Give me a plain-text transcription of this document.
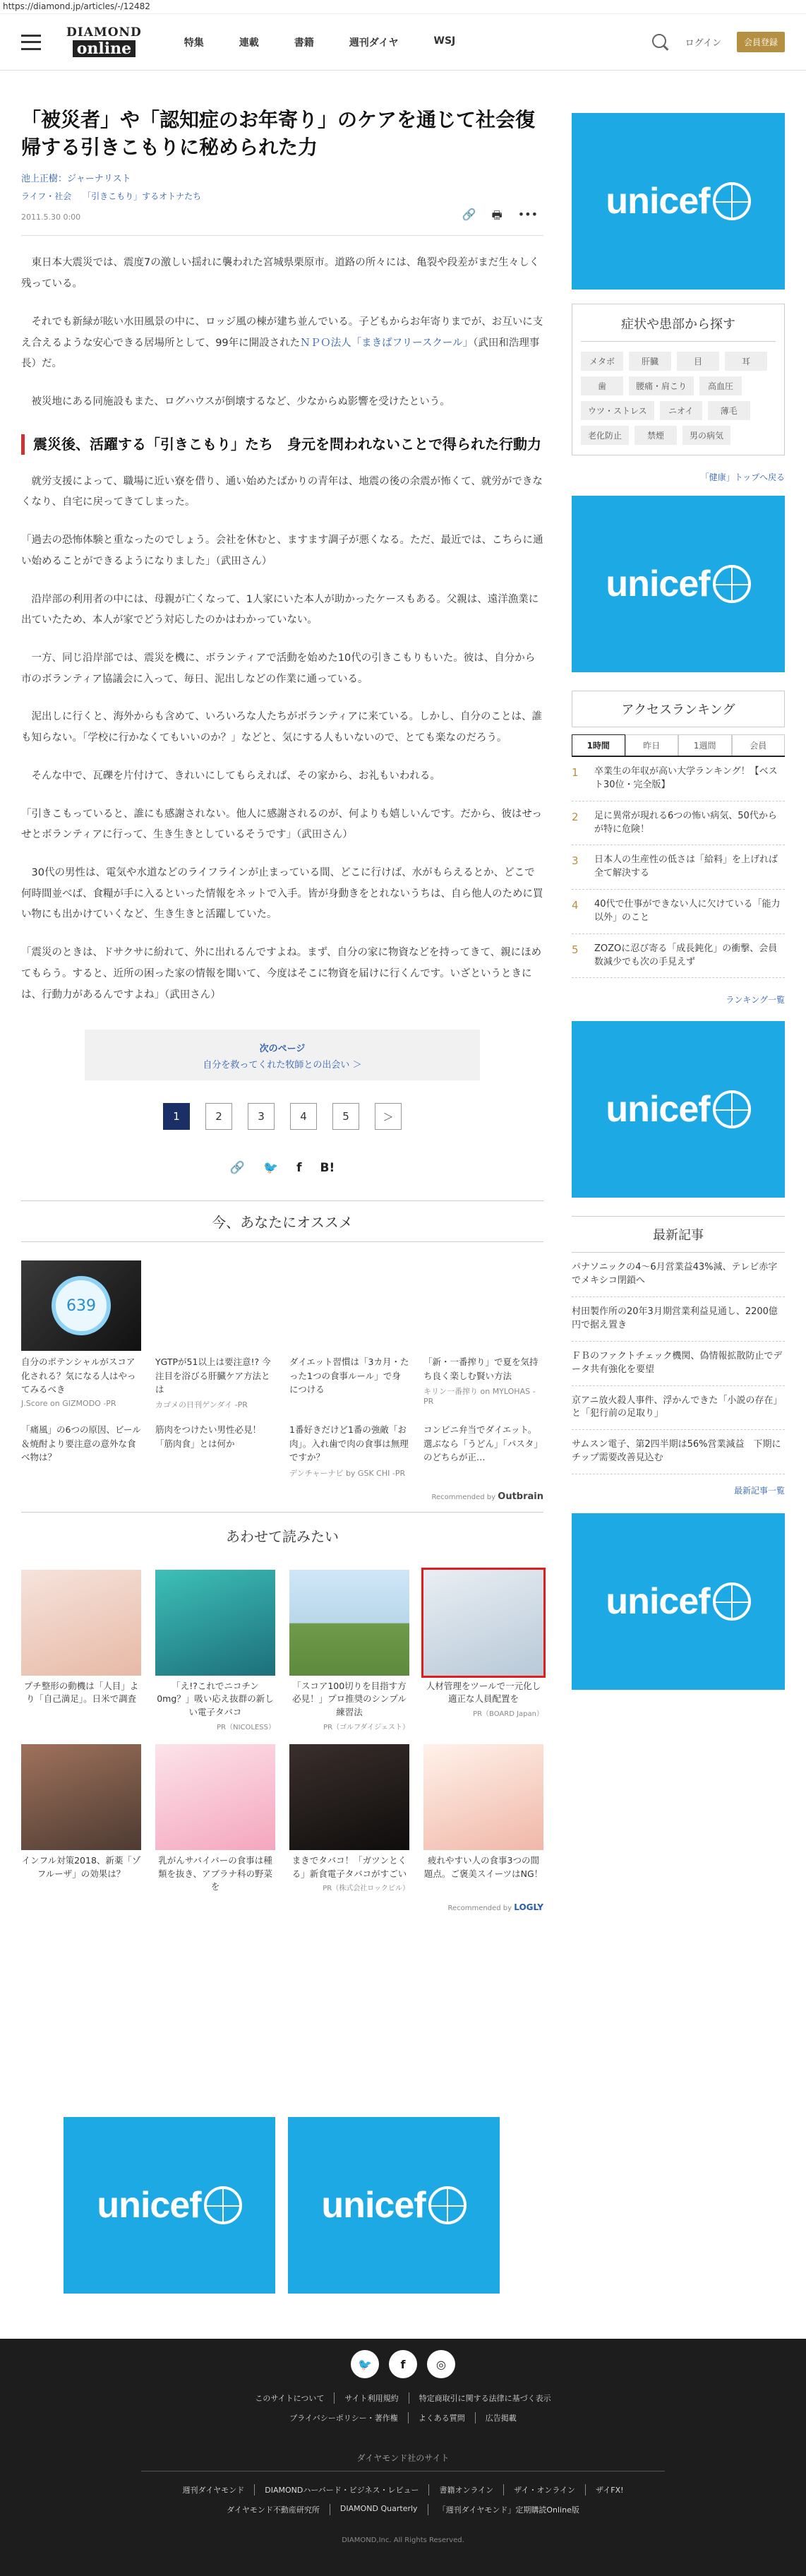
https://diamond.jp/articles/-/12482
DIAMOND
online	特集	連載	書籍	週刊ダイヤ	WSJ	ログイン	会員登録
「被災者」や「認知症のお年寄り」のケアを通じて社会復帰する引きこもりに秘められた力
池上正樹：ジャーナリスト
ライフ・社会 「引きこもり」するオトナたち
2011.5.30 0:00	🔗 🖶 •••

東日本大震災では、震度7の激しい揺れに襲われた宮城県栗原市。道路の所々には、亀裂や段差がまだ生々しく残っている。

それでも新緑が眩い水田風景の中に、ロッジ風の棟が建ち並んでいる。子どもからお年寄りまでが、お互いに支え合えるような安心できる居場所として、99年に開設されたＮＰＯ法人「まきばフリースクール」（武田和浩理事長）だ。

被災地にある同施設もまた、ログハウスが倒壊するなど、少なからぬ影響を受けたという。

震災後、活躍する「引きこもり」たち　身元を問われないことで得られた行動力

就労支援によって、職場に近い寮を借り、通い始めたばかりの青年は、地震の後の余震が怖くて、就労ができなくなり、自宅に戻ってきてしまった。

「過去の恐怖体験と重なったのでしょう。会社を休むと、ますます調子が悪くなる。ただ、最近では、こちらに通い始めることができるようになりました」（武田さん）

沿岸部の利用者の中には、母親が亡くなって、1人家にいた本人が助かったケースもある。父親は、遠洋漁業に出ていたため、本人が家でどう対応したのかはわかっていない。

一方、同じ沿岸部では、震災を機に、ボランティアで活動を始めた10代の引きこもりもいた。彼は、自分から市のボランティア協議会に入って、毎日、泥出しなどの作業に通っている。

泥出しに行くと、海外からも含めて、いろいろな人たちがボランティアに来ている。しかし、自分のことは、誰も知らない。「学校に行かなくてもいいのか？」などと、気にする人もいないので、とても楽なのだろう。

そんな中で、瓦礫を片付けて、きれいにしてもらえれば、その家から、お礼もいわれる。

「引きこもっていると、誰にも感謝されない。他人に感謝されるのが、何よりも嬉しいんです。だから、彼はせっせとボランティアに行って、生き生きとしているそうです」（武田さん）

30代の男性は、電気や水道などのライフラインが止まっている間、どこに行けば、水がもらえるとか、どこで何時間並べば、食糧が手に入るといった情報をネットで入手。皆が身動きをとれないうちは、自ら他人のために買い物にも出かけていくなど、生き生きと活躍していた。

「震災のときは、ドサクサに紛れて、外に出れるんですよね。まず、自分の家に物資などを持ってきて、親にほめてもらう。すると、近所の困った家の情報を聞いて、今度はそこに物資を届けに行くんです。いざというときには、行動力があるんですよね」（武田さん）

次のページ
自分を救ってくれた牧師との出会い ＞
1	2	3	4	5	＞
🔗 🐦 f B!
今、あなたにオススメ
639
自分のポテンシャルがスコア化される？気になる人はやってみるべき
J.Score on GIZMODO -PR
YGTPが51以上は要注意!? 今注目を浴びる肝臓ケア方法とは
カゴメの日刊ゲンダイ -PR
ダイエット習慣は「3カ月・たった1つの食事ルール」で身につける
「新・一番搾り」で夏を気持ち良く楽しむ賢い方法
キリン一番搾り on MYLOHAS -PR
「痛風」の6つの原因、ビール＆焼酎より要注意の意外な食べ物は？
筋肉をつけたい男性必見！「筋肉食」とは何か
1番好きだけど1番の強敵「お肉」。入れ歯で肉の食事は無理ですか？
デンチャーナビ by GSK CHI -PR
コンビニ弁当でダイエット。選ぶなら「うどん」「パスタ」のどちらが正…
Recommended by Outbrain
あわせて読みたい
プチ整形の動機は「人目」より「自己満足」。日米で調査
「え!?これでニコチン0mg？」吸い応え抜群の新しい電子タバコ
PR（NICOLESS）
「スコア100切りを目指す方必見！」プロ推奨のシンプル練習法
PR（ゴルフダイジェスト）
人材管理をツールで一元化し適正な人員配置を
PR（BOARD Japan）
インフル対策2018、新薬「ゾフルーザ」の効果は？
乳がんサバイバーの食事は種類を抜き、アブラナ科の野菜を
まきでタバコ！「ガツンとくる」新食電子タバコがすごい
PR（株式会社ロックビル）
疲れやすい人の食事3つの間題点。ご褒美スイーツはNG！
Recommended by LOGLY
unicef	unicef
unicef
症状や患部から探す
メタボ	肝臓	目	耳
歯	腰痛・肩こり	高血圧
ウツ・ストレス	ニオイ	薄毛
老化防止	禁煙	男の病気
「健康」トップへ戻る
unicef
アクセスランキング
1時間	昨日	1週間	会員
1	卒業生の年収が高い大学ランキング！【ベスト30位・完全版】
2	足に異常が現れる6つの怖い病気、50代からが特に危険！
3	日本人の生産性の低さは「給料」を上げれば全て解決する
4	40代で仕事ができない人に欠けている「能力以外」のこと
5	ZOZOに忍び寄る「成長鈍化」の衝撃、会員数減少でも次の手見えず
ランキング一覧
unicef
最新記事
パナソニックの4～6月営業益43%減、テレビ赤字でメキシコ閉鎖へ
村田製作所の20年3月期営業利益見通し、2200億円で据え置き
ＦＢのファクトチェック機関、偽情報拡散防止でデータ共有強化を要望
京アニ放火殺人事件、浮かんできた「小説の存在」と「犯行前の足取り」
サムスン電子、第2四半期は56%営業減益　下期にチップ需要改善見込む
最新記事一覧
unicef
🐦	f	◎
このサイトについて	サイト利用規約	特定商取引に関する法律に基づく表示
プライバシーポリシー・著作権	よくある質問	広告掲載
ダイヤモンド社のサイト
週刊ダイヤモンド	DIAMONDハーバード・ビジネス・レビュー	書籍オンライン	ザイ・オンライン	ザイFX!
ダイヤモンド不動産研究所	DIAMOND Quarterly	「週刊ダイヤモンド」定期購読Online版
DIAMOND,Inc. All Rights Reserved.
